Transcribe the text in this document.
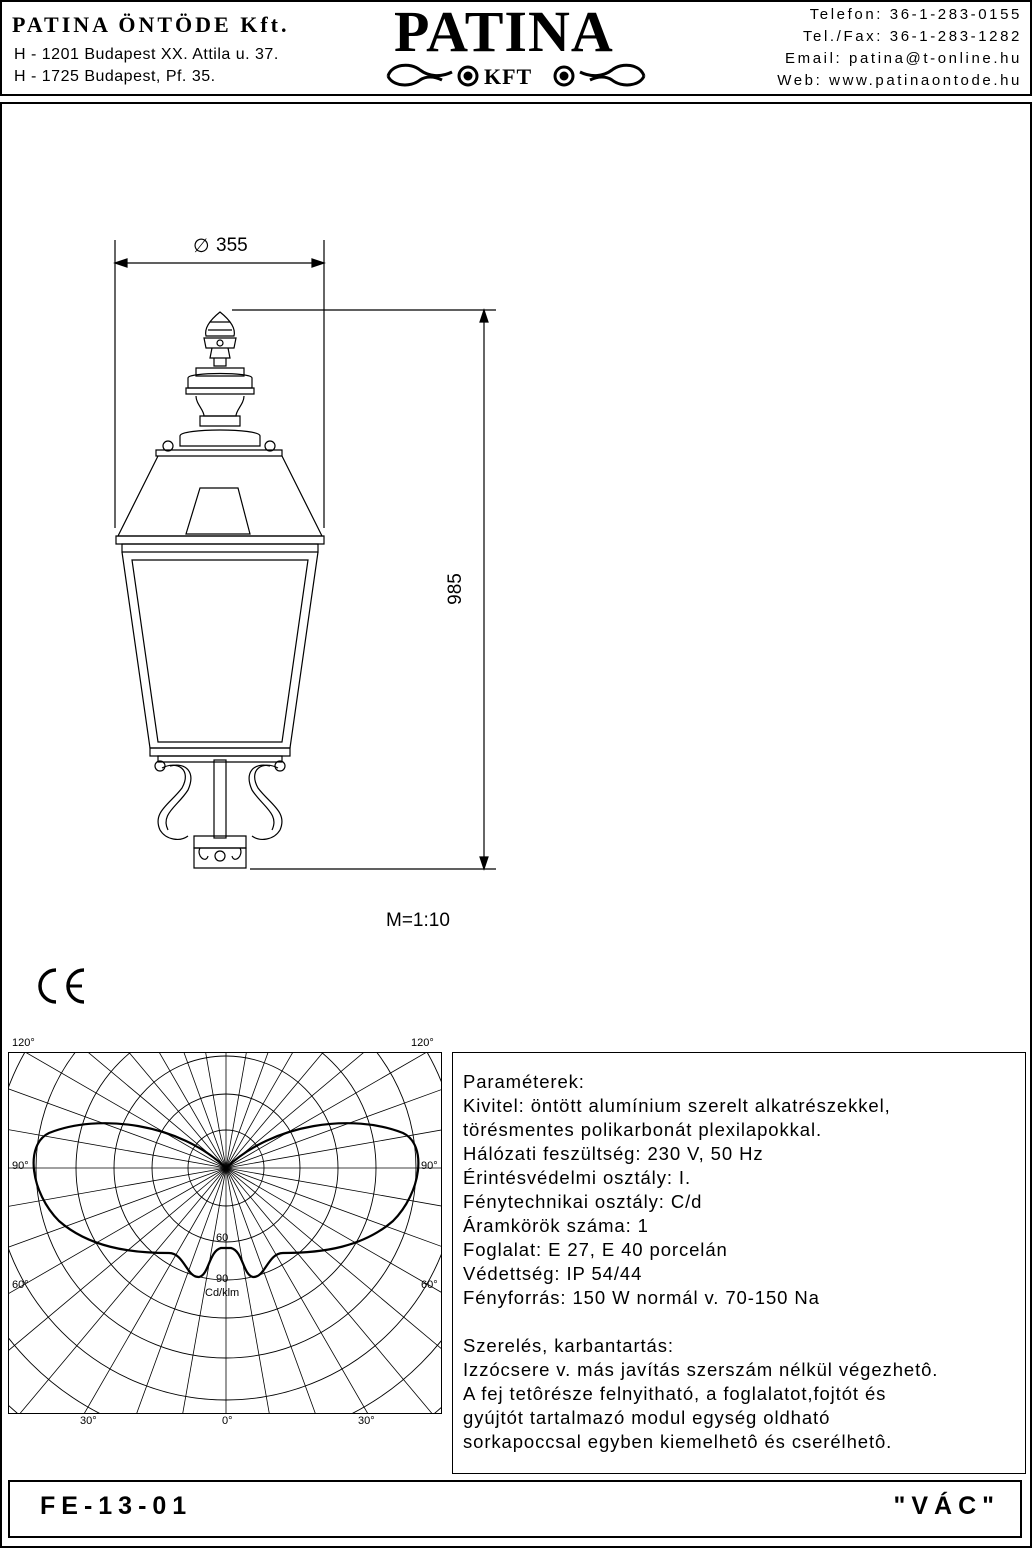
PATINA ÖNTÖDE Kft.
H - 1201 Budapest XX. Attila u. 37.
H - 1725 Budapest, Pf. 35.
PATINA
KFT
Telefon: 36-1-283-0155
Tel./Fax: 36-1-283-1282
Email: patina@t-online.hu
Web: www.patinaontode.hu
∅ 355
985
M=1:10
120°	120°
90°	90°
60°	60°
30°	0°	30°
60
90
Cd/klm
Paraméterek:
Kivitel: öntött alumínium szerelt alkatrészekkel,
törésmentes polikarbonát plexilapokkal.
Hálózati feszültség: 230 V, 50 Hz
Érintésvédelmi osztály: I.
Fénytechnikai osztály: C/d
Áramkörök száma: 1
Foglalat: E 27, E 40 porcelán
Védettség: IP 54/44
Fényforrás: 150 W normál v. 70-150 Na
Szerelés, karbantartás:
Izzócsere v. más javítás szerszám nélkül végezhetô.
A fej tetôrésze felnyitható, a foglalatot,fojtót és
gyújtót tartalmazó modul egység oldható
sorkapoccsal egyben kiemelhetô és cserélhetô.
FE-13-01	"VÁC"
